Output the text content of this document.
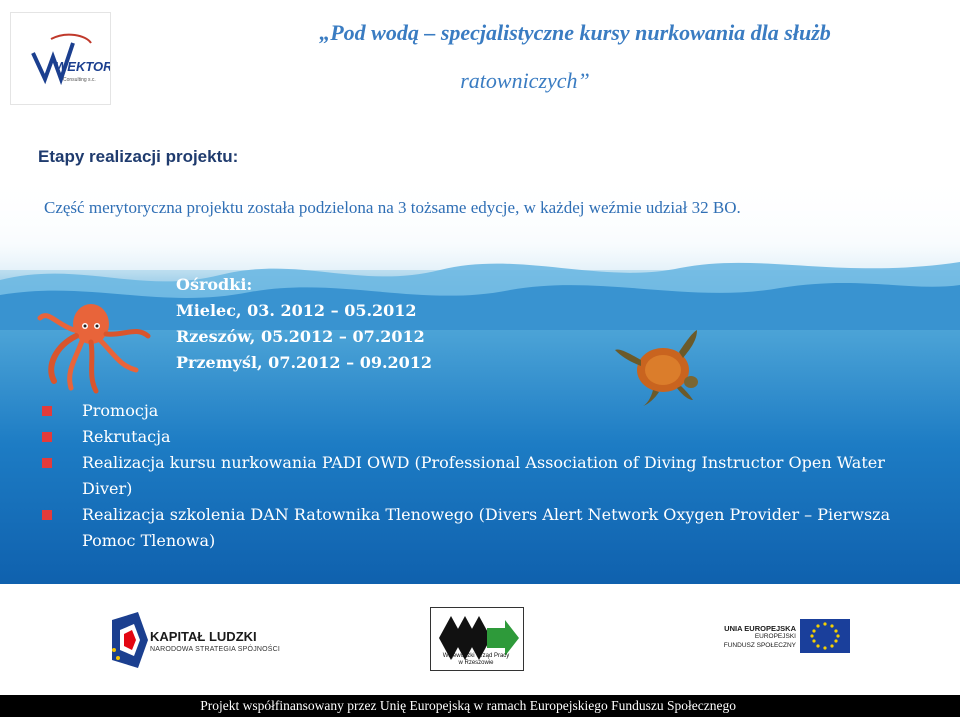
WEKTOR
Consulting s.c.
„Pod wodą – specjalistyczne kursy nurkowania dla służb
ratowniczych”
Etapy realizacji projektu:
Część merytoryczna projektu została podzielona na 3 tożsame edycje, w każdej weźmie udział 32 BO.
Ośrodki:
Mielec, 03. 2012 – 05.2012
Rzeszów, 05.2012 – 07.2012
Przemyśl, 07.2012 – 09.2012
Promocja
Rekrutacja
Realizacja kursu nurkowania PADI OWD (Professional Association of Diving Instructor Open Water Diver)
Realizacja szkolenia DAN Ratownika Tlenowego (Divers Alert Network Oxygen Provider – Pierwsza Pomoc Tlenowa)
KAPITAŁ LUDZKI
NARODOWA STRATEGIA SPÓJNOŚCI
Wojewódzki Urząd Pracy
w Rzeszowie
UNIA EUROPEJSKA
EUROPEJSKI
FUNDUSZ SPOŁECZNY
Projekt współfinansowany przez Unię Europejską w ramach Europejskiego Funduszu Społecznego
